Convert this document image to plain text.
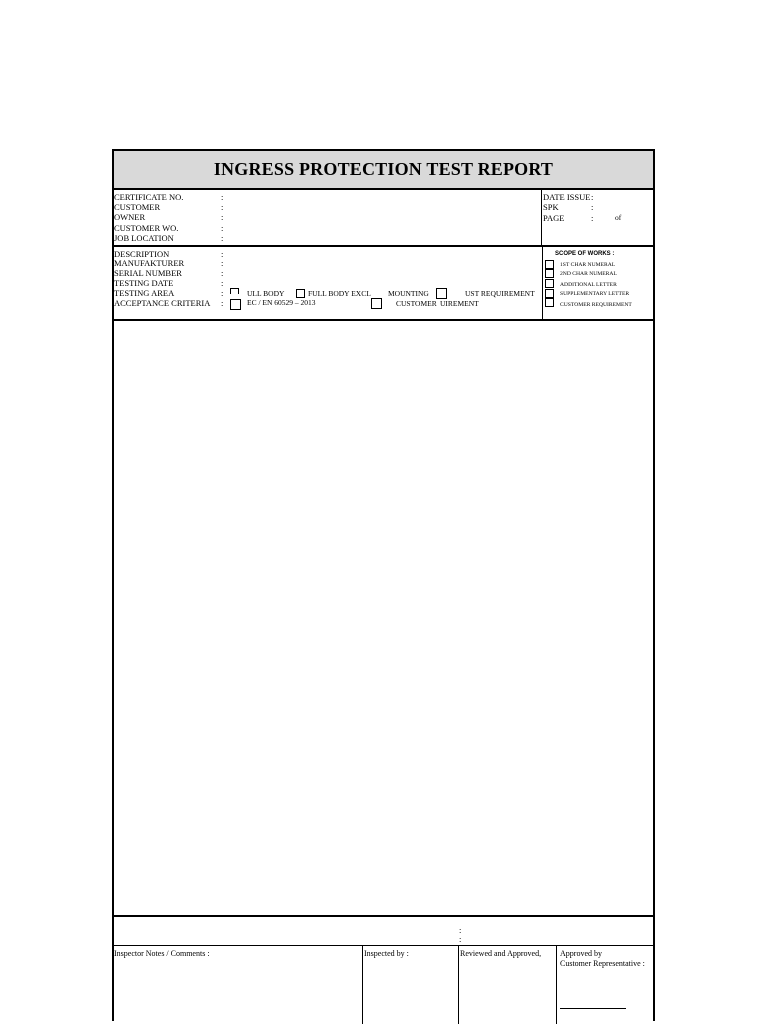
INGRESS PROTECTION TEST REPORT
CERTIFICATE NO.	:
CUSTOMER	:
OWNER	:
CUSTOMER WO.	:
JOB LOCATION	:
DATE ISSUE :
SPK	:
PAGE	:	of
DESCRIPTION	:
MANUFAKTURER	:
SERIAL NUMBER	:
TESTING DATE	:
TESTING AREA	:
ACCEPTANCE CRITERIA :
ULL BODY	FULL BODY EXCL MOUNTING	UST REQUIREMENT
EC / EN 60529 – 2013	CUSTOMER UIREMENT
SCOPE OF WORKS :
1ST CHAR NUMERAL
2ND CHAR NUMERAL
ADDITIONAL LETTER
SUPPLEMENTARY LETTER
CUSTOMER REQUIREMENT
:
:
Inspector Notes / Comments :	Inspected by :	Reviewed and Approved, Approved by
Customer Representative :
